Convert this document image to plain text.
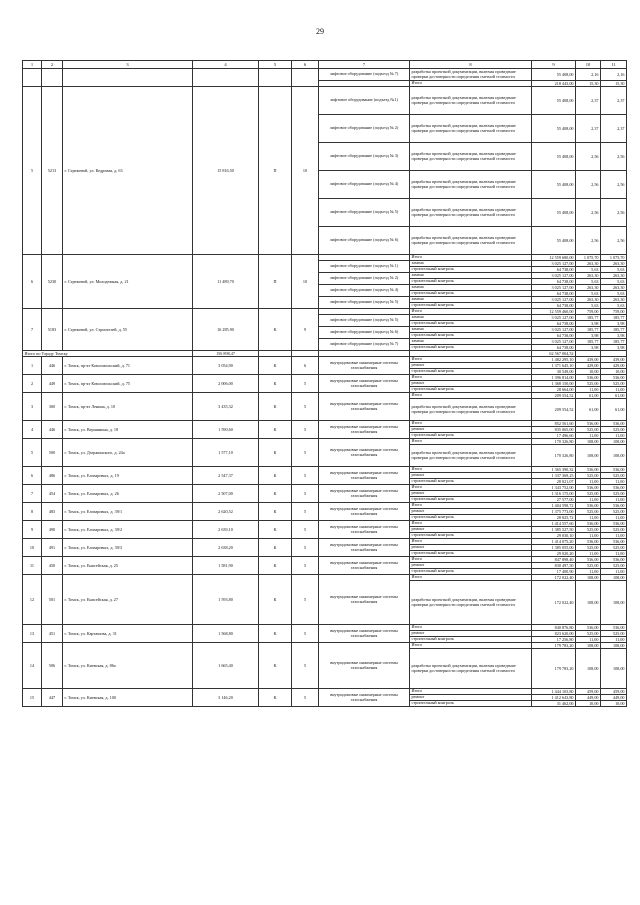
29
1	2	3	4	5	6	7	8	9	10	11
						лифтовое оборудование (подъезд № 7)	разработка проектной документации, включая проведение проверки достоверности определения сметной стоимости	55 408,00	2,16	2,16
							Итого	218 443,00	15,30	15,30
5	5213	г. Стрежевой, ул. Кедровая, д. 63	15 816,50	П	10	лифтовое оборудование (подъезд №1)	разработка проектной документации, включая проведение проверки достоверности определения сметной стоимости	55 408,00	2,37	2,37
						лифтовое оборудование (подъезд № 2)	разработка проектной документации, включая проведение проверки достоверности определения сметной стоимости	55 408,00	2,37	2,37
						лифтовое оборудование (подъезд № 3)	разработка проектной документации, включая проведение проверки достоверности определения сметной стоимости	55 408,00	2,56	2,56
						лифтовое оборудование (подъезд № 4)	разработка проектной документации, включая проведение проверки достоверности определения сметной стоимости	55 408,00	2,56	2,56
						лифтовое оборудование (подъезд № 5)	разработка проектной документации, включая проведение проверки достоверности определения сметной стоимости	55 408,00	2,56	2,56
						лифтовое оборудование (подъезд № 6)	разработка проектной документации, включая проведение проверки достоверности определения сметной стоимости	55 408,00	2,56	2,56
6	5230	г. Стрежевой, ул. Молодежная, д. 21	11 489,70	П	10		Итого	12 559 680,00	1 075,70	1 075,70
						лифтовое оборудование (подъезд № 1)	замена	3 025 127,00	263,30	263,30
							строительный контроль	64 738,00	5,63	5,63
						лифтовое оборудование (подъезд № 2)	замена	3 025 127,00	263,30	263,30
							строительный контроль	64 738,00	5,63	5,63
						лифтовое оборудование (подъезд № 4)	замена	3 025 127,00	263,30	263,30
							строительный контроль	64 738,00	5,63	5,63
						лифтовое оборудование (подъезд № 5)	замена	3 025 127,00	263,30	263,30
							строительный контроль	64 738,00	5,63	5,63
7	5183	г. Стрежевой, ул. Строителей, д. 55	16 285,90	К	9		Итого	12 559 460,00	759,00	759,00
						лифтовое оборудование (подъезд № 5)	замена	3 025 127,00	185,77	185,77
							строительный контроль	64 738,00	3,98	3,98
						лифтовое оборудование (подъезд № 6)	замена	3 025 127,00	185,77	185,77
							строительный контроль	64 738,00	3,98	3,98
						лифтовое оборудование (подъезд № 7)	замена	3 025 127,00	185,77	185,77
							строительный контроль	64 738,00	3,98	3,98
Итого по Городу Томску			156 898,47					62 567 004,52		
1	446	г. Томск, пр-кт Комсомольский, д. 71	3 054,90	К	6	внутридомовые инженерные системы газоснабжения	Итого	1 482 295,10	439,00	439,00
							ремонт	1 371 645,10	429,00	429,00
							строительный контроль	30 549,00	10,00	10,00
2	449	г. Томск, пр-кт Комсомольский, д. 75	2 006,00	К	5	внутридомовые инженерные системы газоснабжения	Итого	1 396 814,00	536,00	536,00
							ремонт	1 368 150,00	525,00	525,00
							строительный контроль	28 664,00	11,00	11,00
3	300	г. Томск, пр-кт Ленина, д. 10	3 435,32	К	5	внутридомовые инженерные системы газоснабжения	Итого	209 554,52	61,00	61,00
							разработка проектной документации, включая проведение проверки достоверности определения сметной стоимости	209 554,52	61,00	61,00
4	446	г. Томск, ул. Вершинина, д. 18	1 590,60	К	5	внутридомовые инженерные системы газоснабжения	Итого	852 561,60	536,00	536,00
							ремонт	835 065,00	525,00	525,00
							строительный контроль	17 496,60	11,00	11,00
5	500	г. Томск, ул. Дзержинского, д. 24а	1 577,10	К	5	внутридомовые инженерные системы газоснабжения	Итого	170 326,80	108,00	108,00
							разработка проектной документации, включая проведение проверки достоверности определения сметной стоимости	170 326,80	108,00	108,00
6	486	г. Томск, ул. Елизаровых, д. 19	2 547,37	К	5	внутридомовые инженерные системы газоснабжения	Итого	1 365 390,32	536,00	536,00
							ремонт	1 337 369,25	525,00	525,00
							строительный контроль	28 021,07	11,00	11,00
7	454	г. Томск, ул. Елизаровых, д. 26	2 507,00	К	5	внутридомовые инженерные системы газоснабжения	Итого	1 343 752,00	536,00	536,00
							ремонт	1 316 175,00	525,00	525,00
							строительный контроль	27 577,00	11,00	11,00
8	483	г. Томск, ул. Елизаровых, д. 39/1	2 620,52	К	5	внутридомовые инженерные системы газоснабжения	Итого	1 404 598,72	536,00	536,00
							ремонт	1 375 773,00	525,00	525,00
							строительный контроль	28 825,72	11,00	11,00
9	490	г. Томск, ул. Елизаровых, д. 39/2	2 639,10	К	5	внутридомовые инженерные системы газоснабжения	Итого	1 414 557,60	536,00	536,00
							ремонт	1 385 527,50	525,00	525,00
							строительный контроль	29 030,10	11,00	11,00
10	491	г. Томск, ул. Елизаровых, д. 39/3	2 638,20	К	5	внутридомовые инженерные системы газоснабжения	Итого	1 414 075,20	536,00	536,00
							ремонт	1 385 055,00	525,00	525,00
							строительный контроль	29 020,20	11,00	11,00
11	450	г. Томск, ул. Енисейская, д. 25	1 581,90	К	5	внутридомовые инженерные системы газоснабжения	Итого	847 898,40	536,00	536,00
							ремонт	830 497,50	525,00	525,00
							строительный контроль	17 400,90	11,00	11,00
12	501	г. Томск, ул. Енисейская, д. 27	1 593,80	К	5	внутридомовые инженерные системы газоснабжения	Итого	172 022,40	108,00	108,00
							разработка проектной документации, включая проведение проверки достоверности определения сметной стоимости	172 022,40	108,00	108,00
13	451	г. Томск, ул. Карташова, д. 31	1 568,80	К	5	внутридомовые инженерные системы газоснабжения	Итого	840 876,80	536,00	536,00
							ремонт	823 620,00	525,00	525,00
							строительный контроль	17 256,80	11,00	11,00
14	506	г. Томск, ул. Киевская, д. 86а	1 665,40	К	5	внутридомовые инженерные системы газоснабжения	Итого	179 783,20	108,00	108,00
							разработка проектной документации, включая проведение проверки достоверности определения сметной стоимости	179 783,20	108,00	108,00
15	447	г. Томск, ул. Киевская, д. 100	3 146,20	К	5	внутридомовые инженерные системы газоснабжения	Итого	1 444 103,80	459,00	459,00
							ремонт	1 412 643,80	449,00	449,00
							строительный контроль	31 462,00	10,00	10,00
